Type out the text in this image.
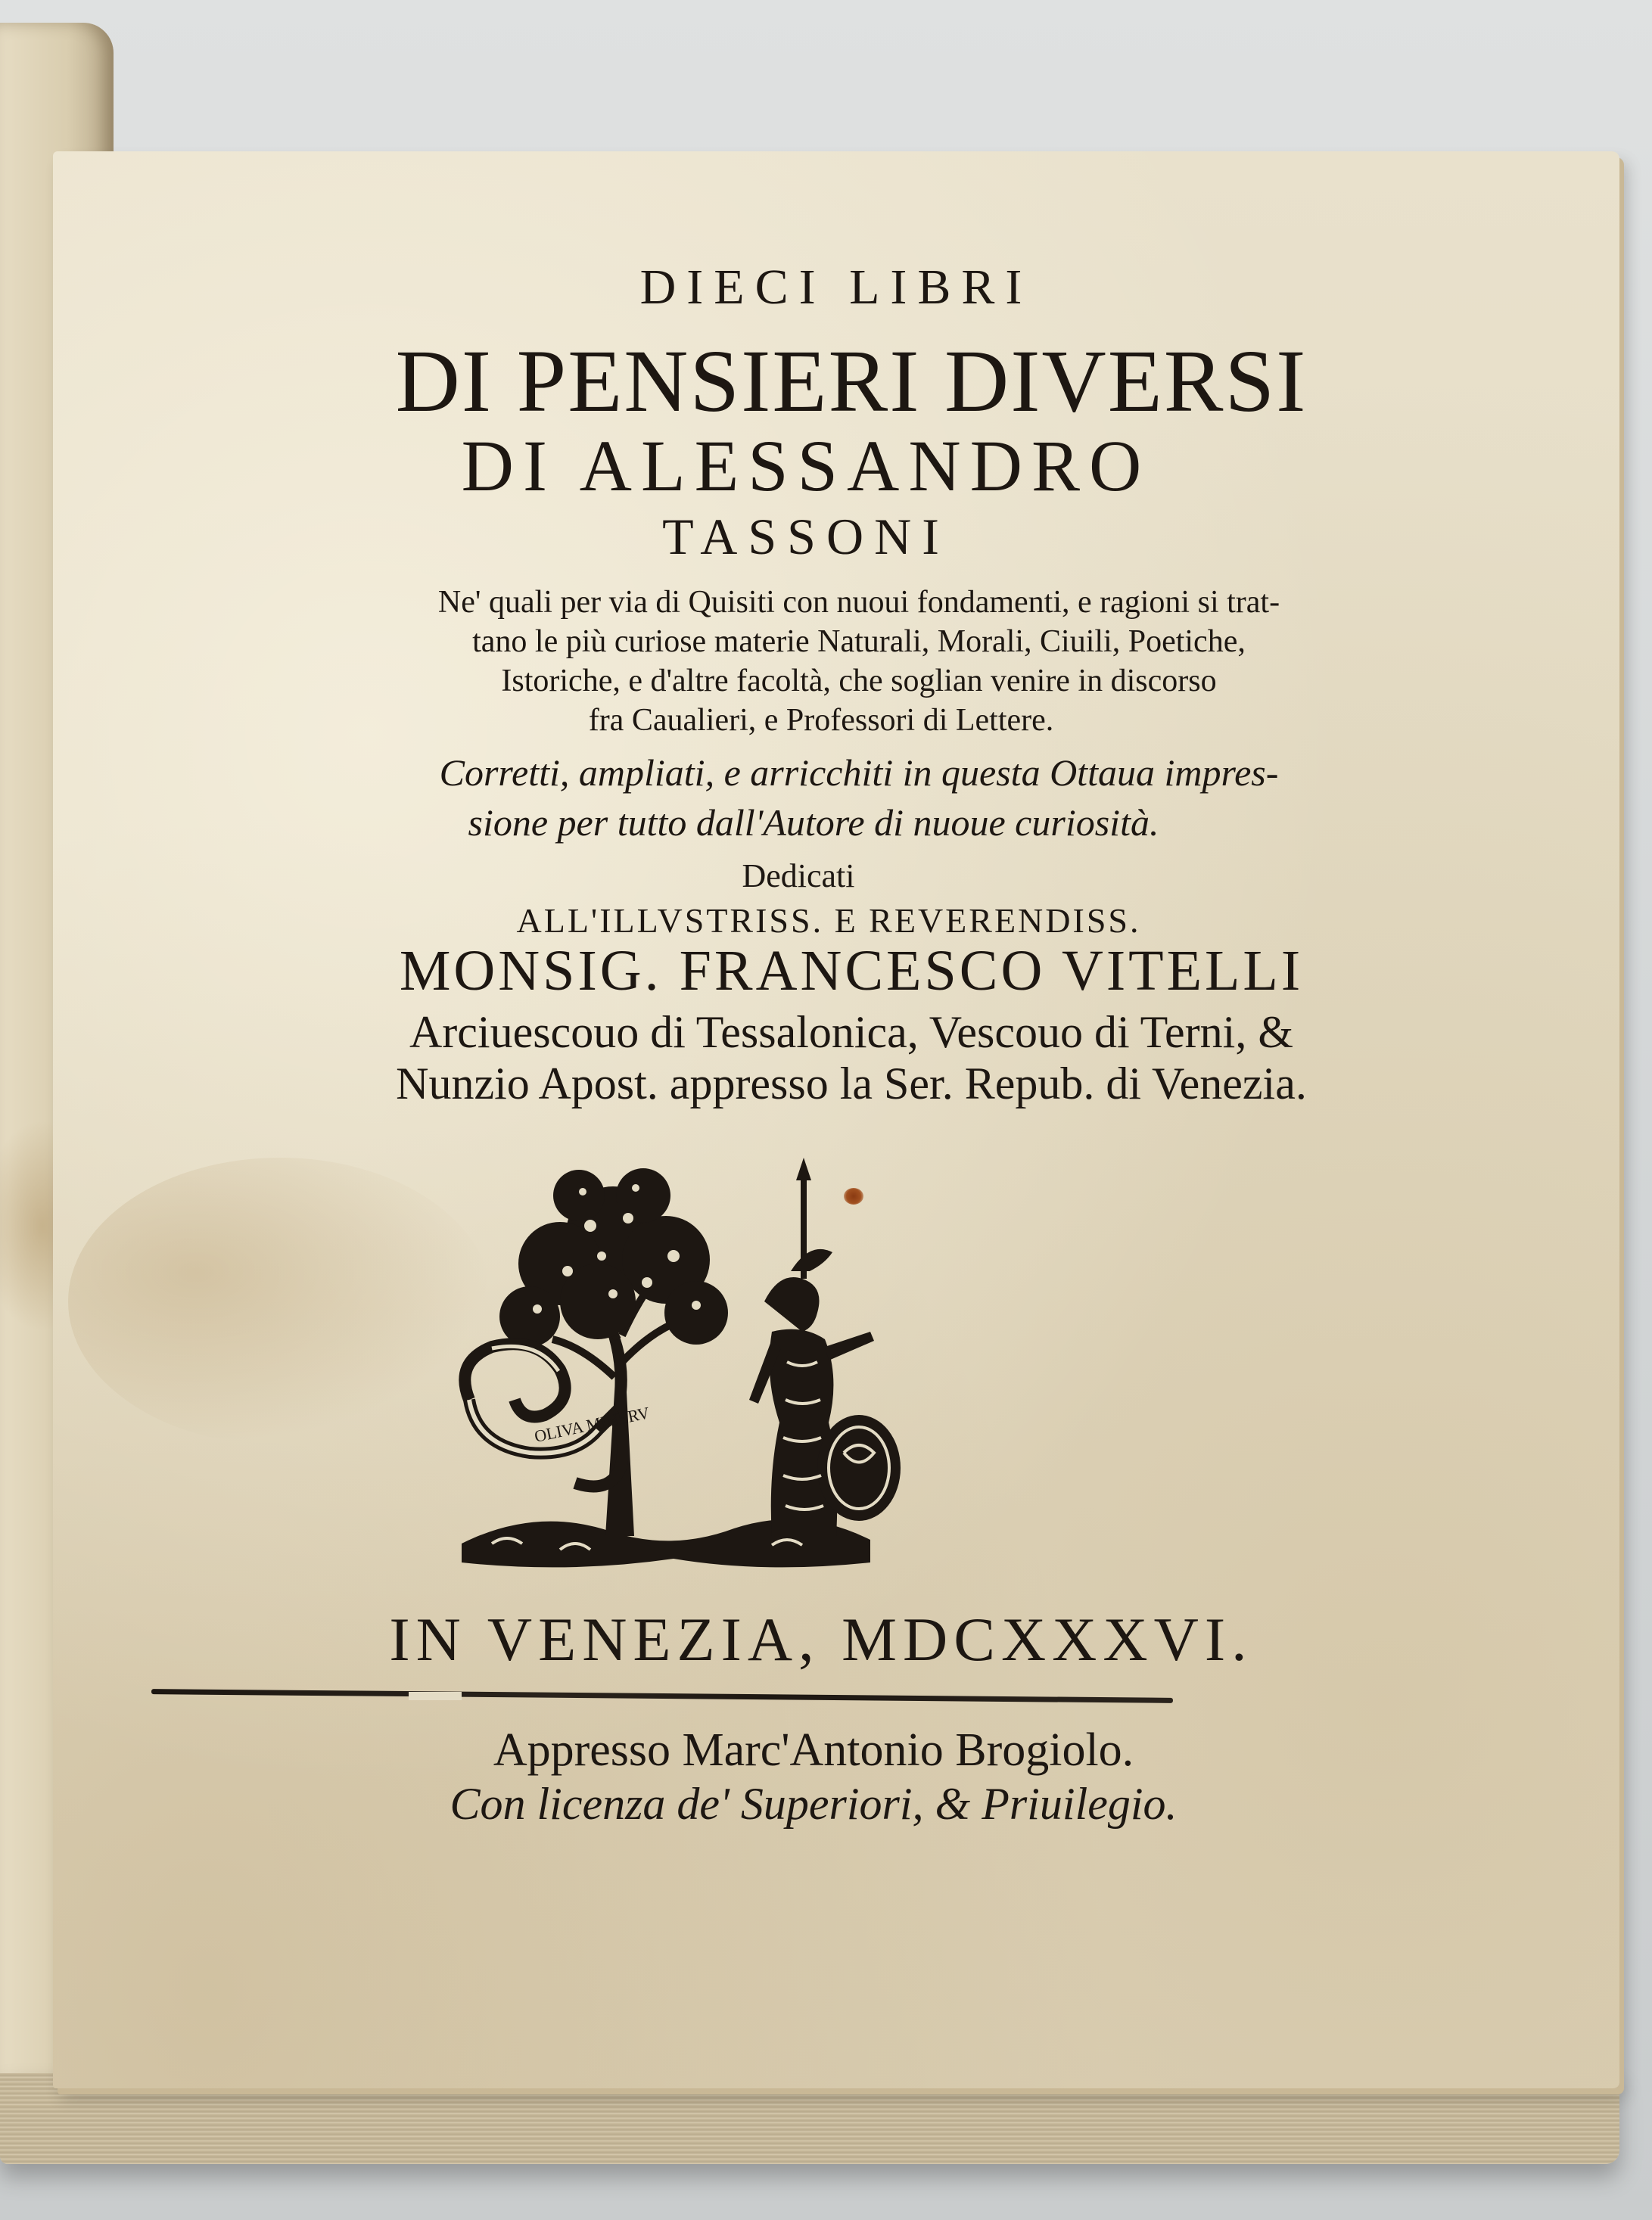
DIECI LIBRI

DI PENSIERI DIVERSI

DI ALESSANDRO

TASSONI

Ne' quali per via di Quisiti con nuoui fondamenti, e ragioni si trat-

tano le più curiose materie Naturali, Morali, Ciuili, Poetiche,

Istoriche, e d'altre facoltà, che soglian venire in discorso

fra Caualieri, e Professori di Lettere.

Corretti, ampliati, e arricchiti in questa Ottaua impres-

sione per tutto dall'Autore di nuoue curiosità.

Dedicati

ALL'ILLVSTRISS. E REVERENDISS.

MONSIG. FRANCESCO VITELLI

Arciuescouo di Tessalonica, Vescouo di Terni, &

Nunzio Apost. appresso la Ser. Repub. di Venezia.

OLIVA MINERV

IN VENEZIA, MDCXXXVI.

Appresso Marc'Antonio Brogiolo.

Con licenza de' Superiori, & Priuilegio.
